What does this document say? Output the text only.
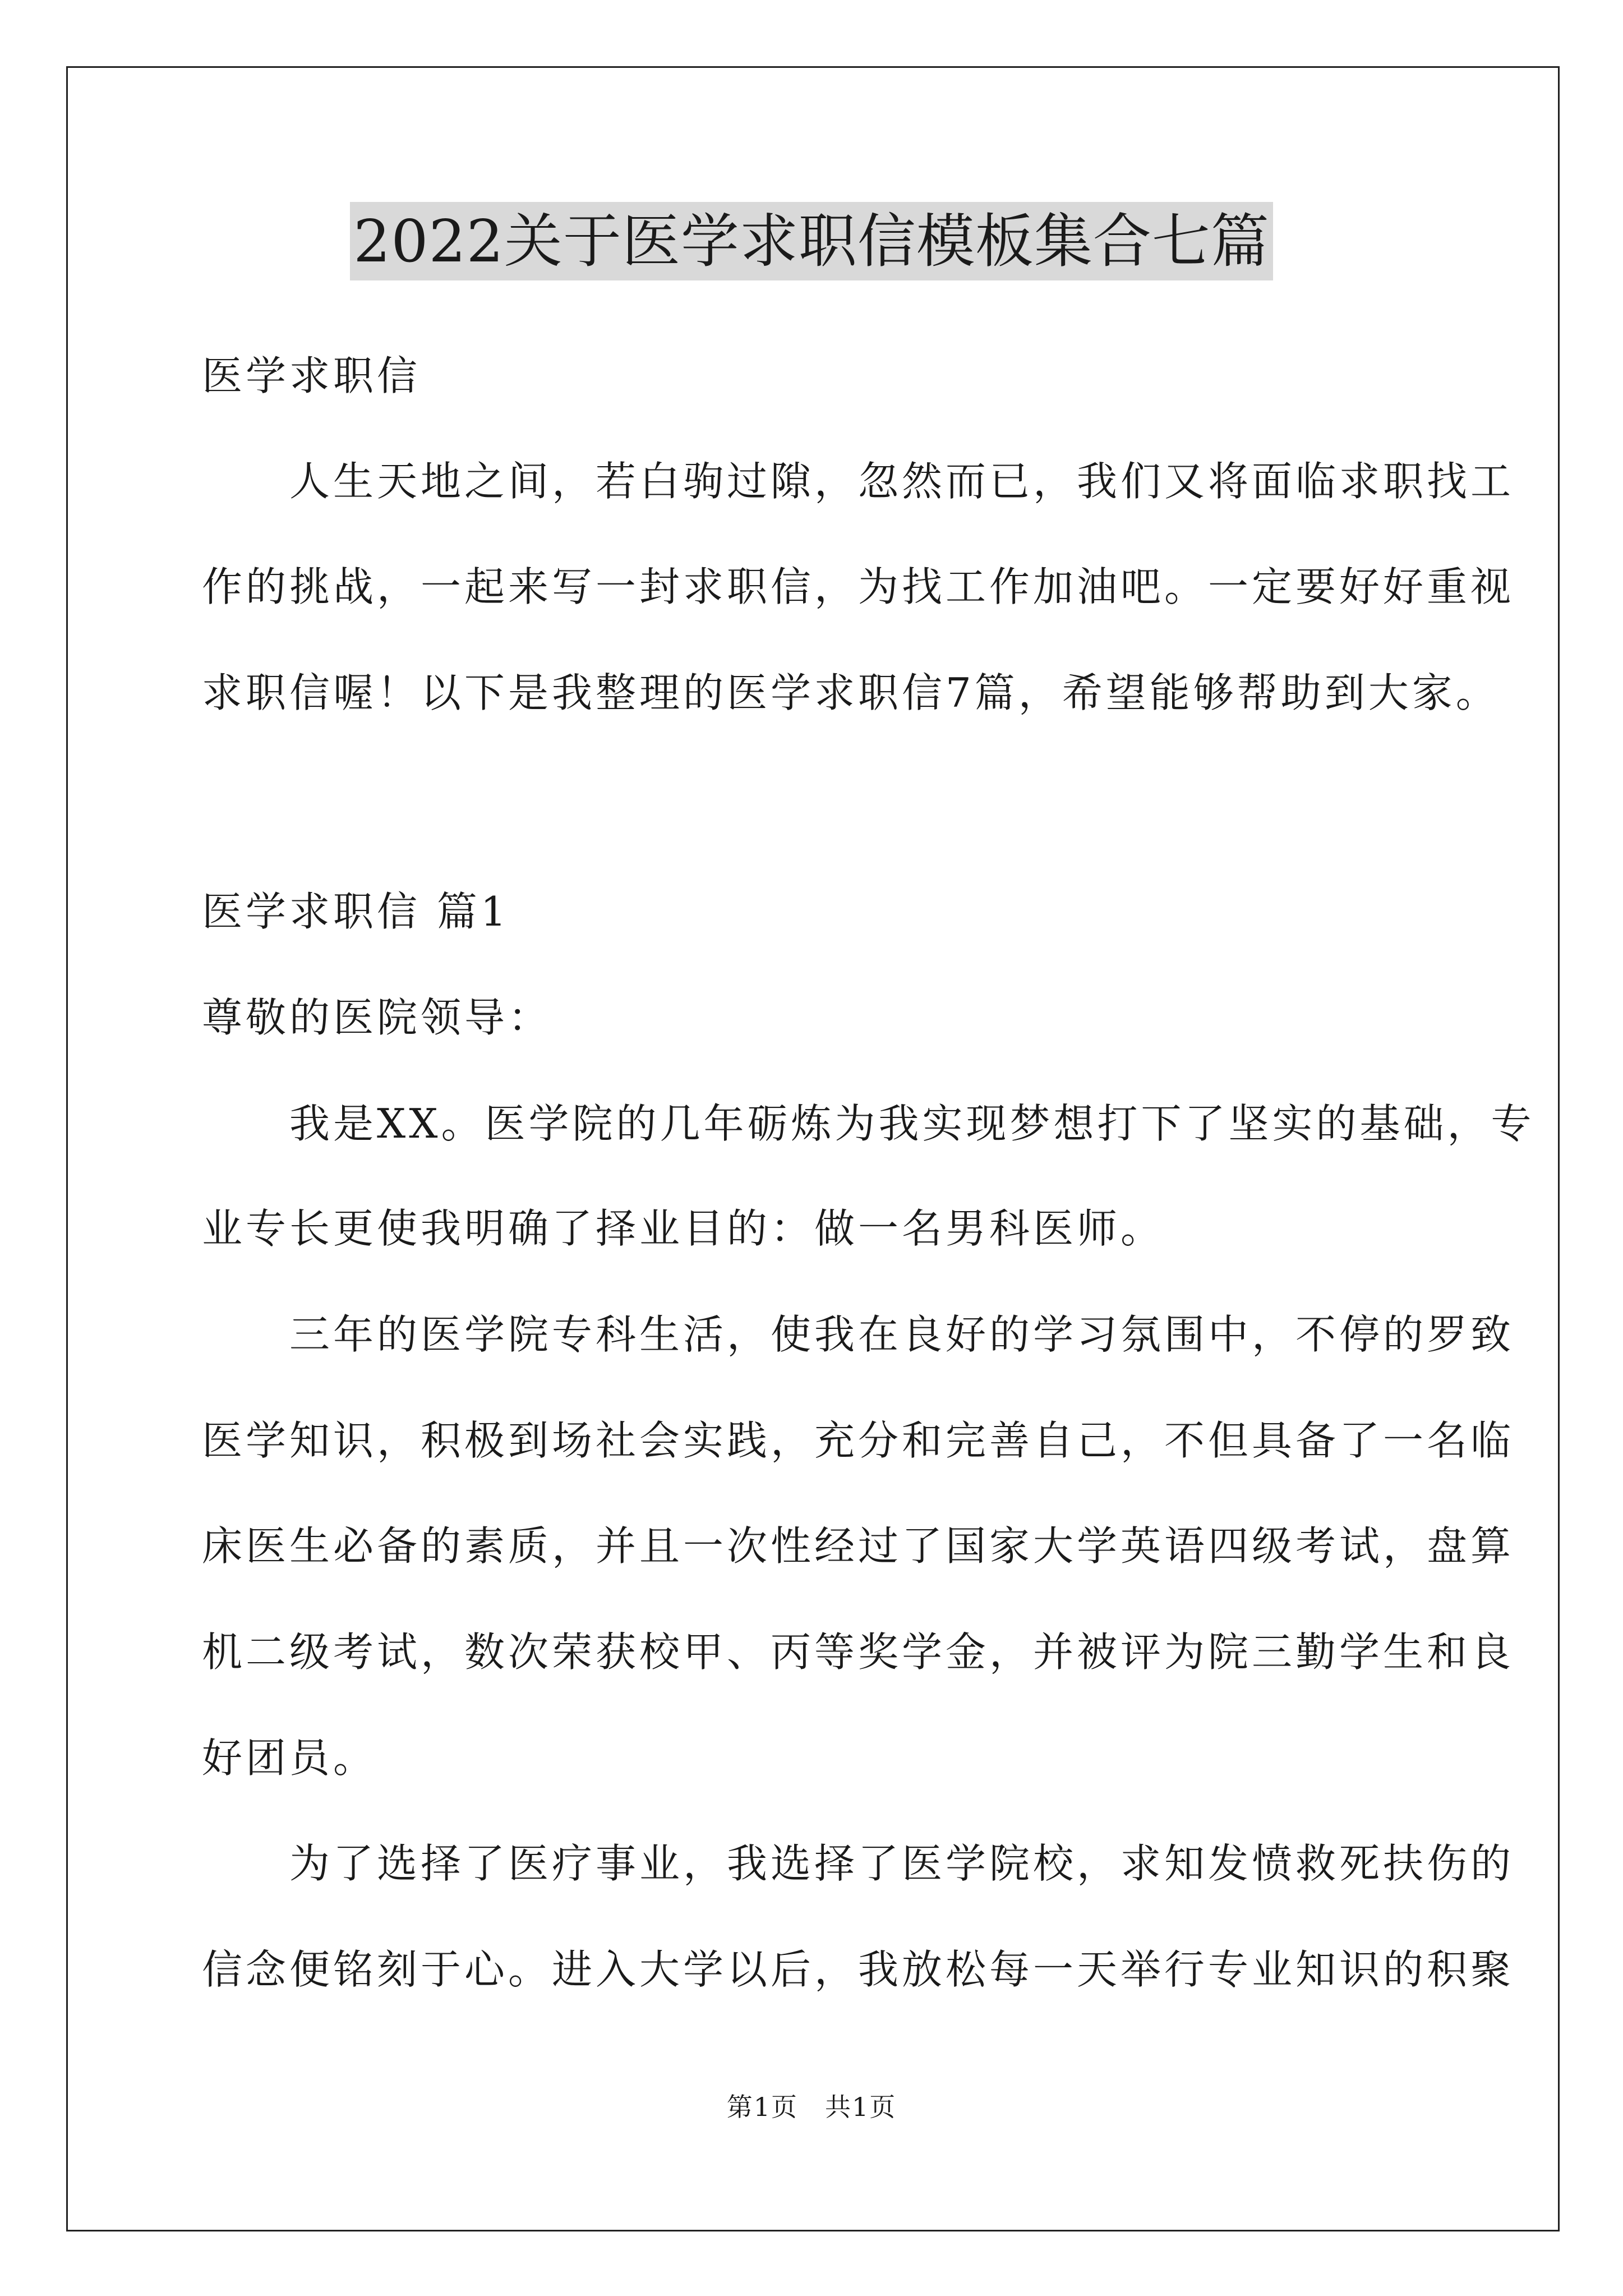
2022关于医学求职信模板集合七篇
医学求职信
　　人生天地之间，若白驹过隙，忽然而已，我们又将面临求职找工
作的挑战，一起来写一封求职信，为找工作加油吧。一定要好好重视
求职信喔！以下是我整理的医学求职信7篇，希望能够帮助到大家。
医学求职信 篇1
尊敬的医院领导：
　　我是XX。医学院的几年砺炼为我实现梦想打下了坚实的基础，专
业专长更使我明确了择业目的：做一名男科医师。
　　三年的医学院专科生活，使我在良好的学习氛围中，不停的罗致
医学知识，积极到场社会实践，充分和完善自己，不但具备了一名临
床医生必备的素质，并且一次性经过了国家大学英语四级考试，盘算
机二级考试，数次荣获校甲、丙等奖学金，并被评为院三勤学生和良
好团员。
　　为了选择了医疗事业，我选择了医学院校，求知发愤救死扶伤的
信念便铭刻于心。进入大学以后，我放松每一天举行专业知识的积聚
第1页　共1页
